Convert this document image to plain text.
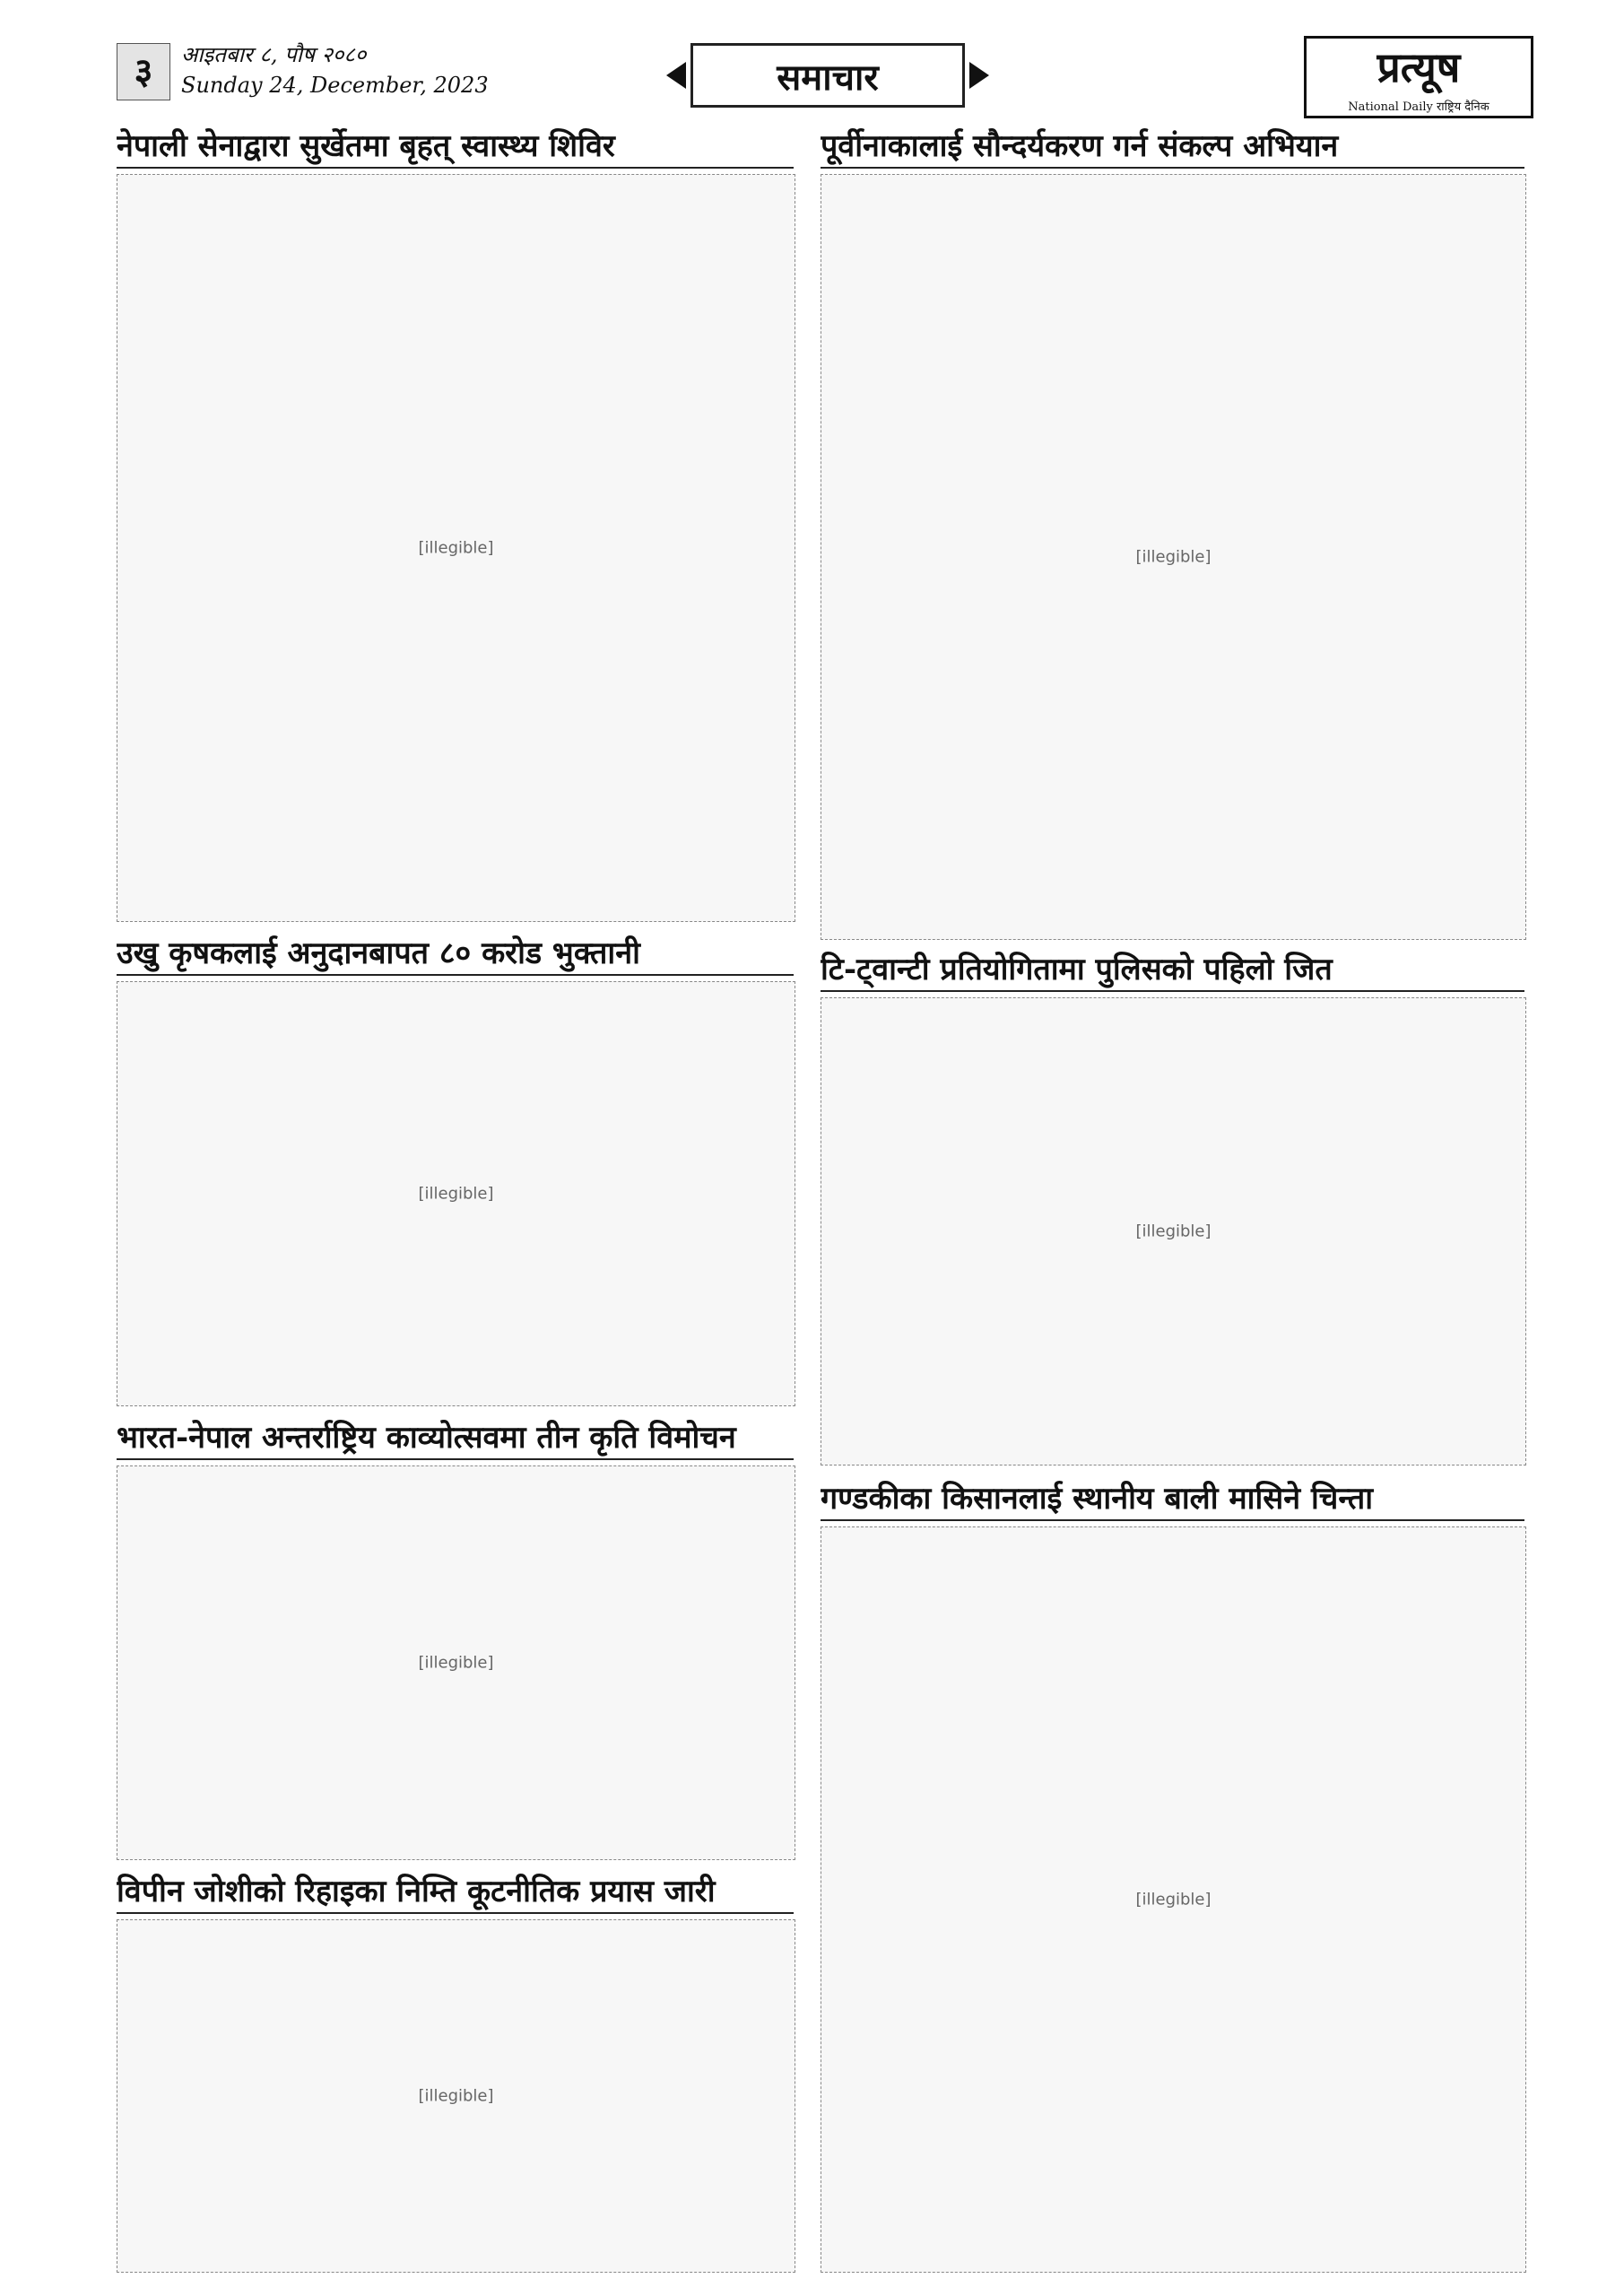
३	आइतबार ८, पौष २०८०
Sunday 24, December, 2023	समाचार	प्रत्यूष
National Daily राष्ट्रिय दैनिक
नेपाली सेनाद्वारा सुर्खेतमा बृहत् स्वास्थ्य शिविर
[illegible]
पूर्वीनाकालाई सौन्दर्यकरण गर्न संकल्प अभियान
[illegible]
उखु कृषकलाई अनुदानबापत ८० करोड भुक्तानी
[illegible]
टि-ट्वान्टी प्रतियोगितामा पुलिसको पहिलो जित
[illegible]
भारत-नेपाल अन्तर्राष्ट्रिय काव्योत्सवमा तीन कृति विमोचन
[illegible]
गण्डकीका किसानलाई स्थानीय बाली मासिने चिन्ता
[illegible]
विपीन जोशीको रिहाइका निम्ति कूटनीतिक प्रयास जारी
[illegible]
